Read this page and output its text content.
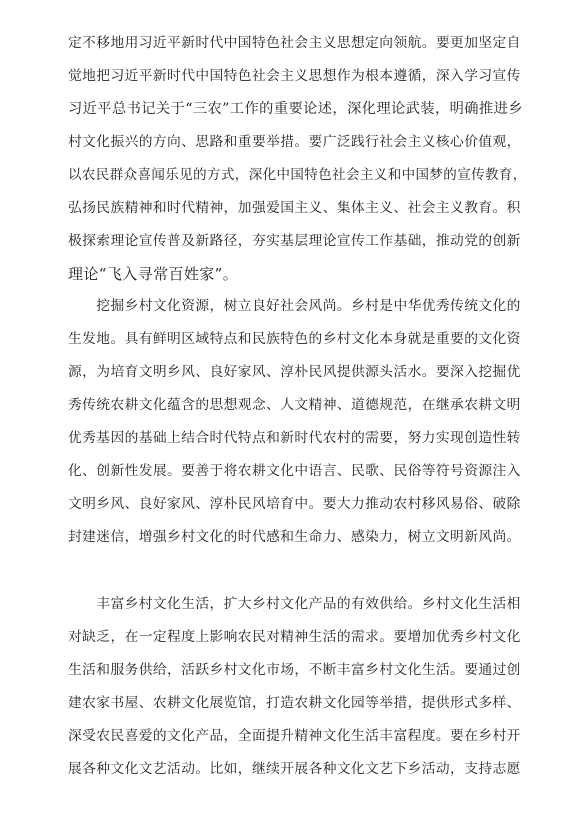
定不移地用习近平新时代中国特色社会主义思想定向领航。要更加坚定自
觉地把习近平新时代中国特色社会主义思想作为根本遵循，深入学习宣传
习近平总书记关于“三农”工作的重要论述，深化理论武装，明确推进乡
村文化振兴的方向、思路和重要举措。要广泛践行社会主义核心价值观，
以农民群众喜闻乐见的方式，深化中国特色社会主义和中国梦的宣传教育，
弘扬民族精神和时代精神，加强爱国主义、集体主义、社会主义教育。积
极探索理论宣传普及新路径，夯实基层理论宣传工作基础，推动党的创新
理论“飞入寻常百姓家”。
　　挖掘乡村文化资源，树立良好社会风尚。乡村是中华优秀传统文化的
生发地。具有鲜明区域特点和民族特色的乡村文化本身就是重要的文化资
源，为培育文明乡风、良好家风、淳朴民风提供源头活水。要深入挖掘优
秀传统农耕文化蕴含的思想观念、人文精神、道德规范，在继承农耕文明
优秀基因的基础上结合时代特点和新时代农村的需要，努力实现创造性转
化、创新性发展。要善于将农耕文化中语言、民歌、民俗等符号资源注入
文明乡风、良好家风、淳朴民风培育中。要大力推动农村移风易俗、破除
封建迷信，增强乡村文化的时代感和生命力、感染力，树立文明新风尚。
　　丰富乡村文化生活，扩大乡村文化产品的有效供给。乡村文化生活相
对缺乏，在一定程度上影响农民对精神生活的需求。要增加优秀乡村文化
生活和服务供给，活跃乡村文化市场，不断丰富乡村文化生活。要通过创
建农家书屋、农耕文化展览馆，打造农耕文化园等举措，提供形式多样、
深受农民喜爱的文化产品，全面提升精神文化生活丰富程度。要在乡村开
展各种文化文艺活动。比如，继续开展各种文化文艺下乡活动，支持志愿
